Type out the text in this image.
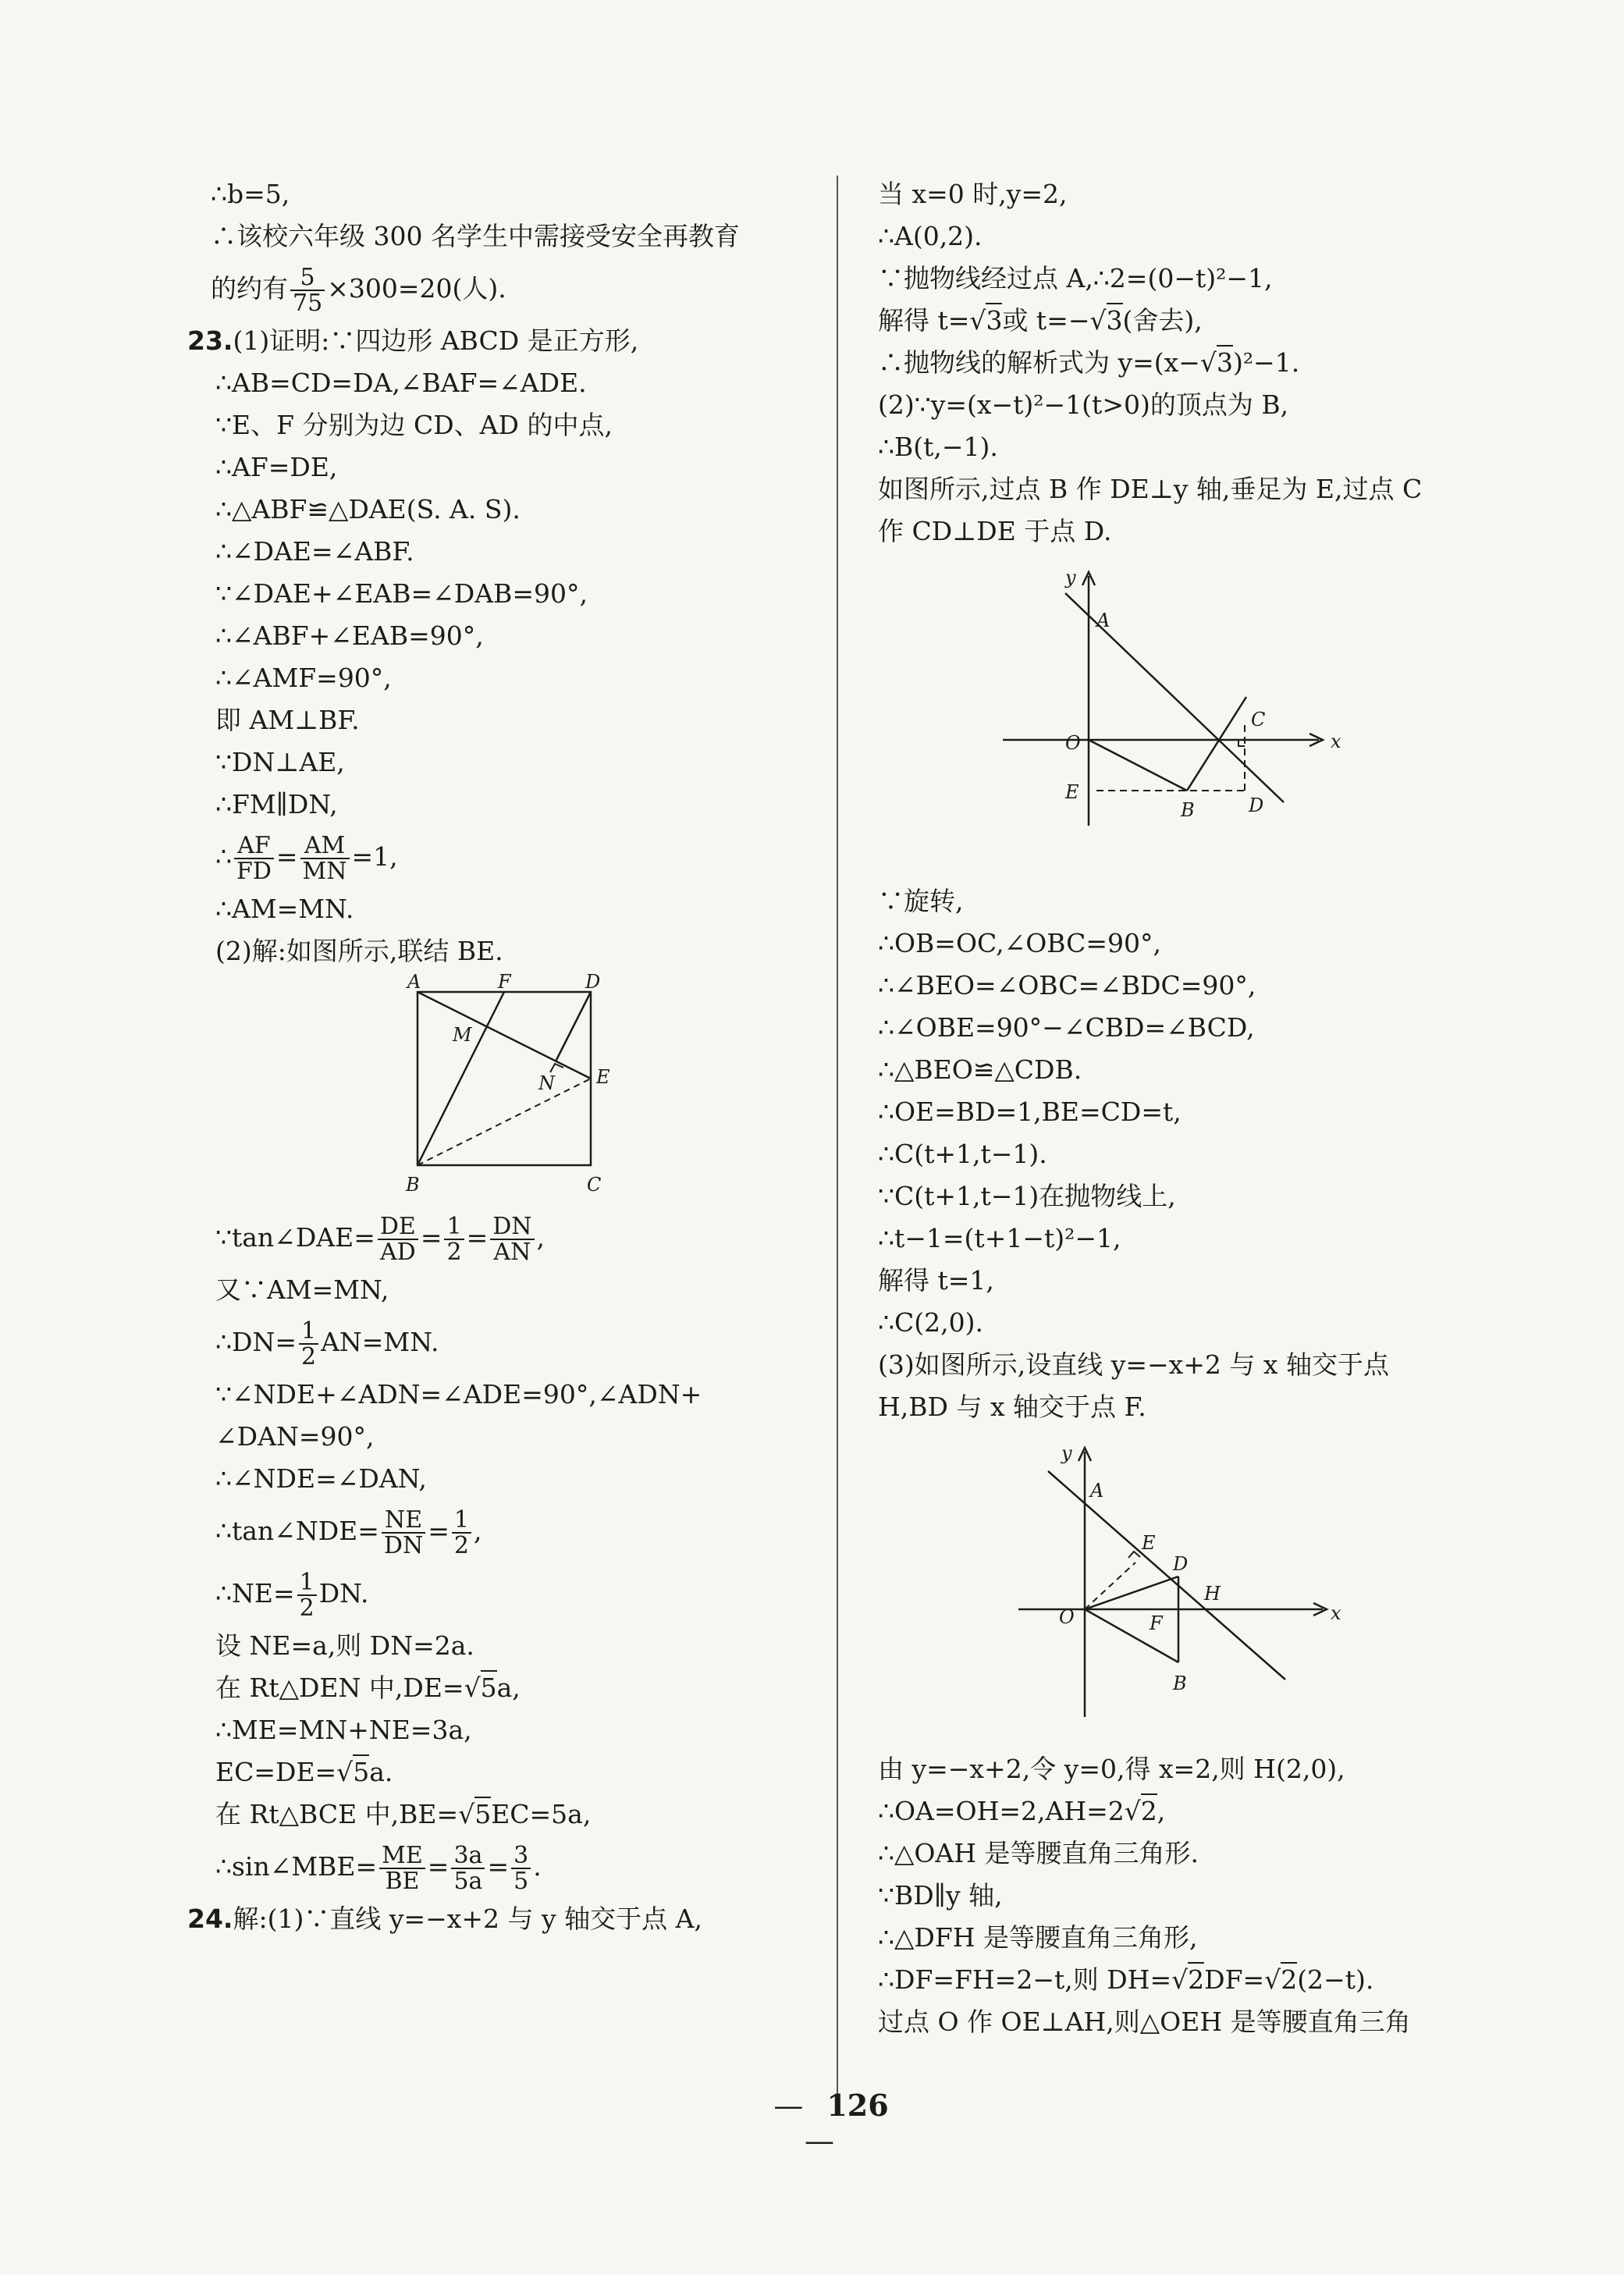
∴b=5,
∴该校六年级 300 名学生中需接受安全再教育
的约有 $\frac{5}{75} \times 300=20$(人).
23.(1)证明:∵四边形 ABCD 是正方形,
∴AB=CD=DA,∠BAF=∠ADE.
∵E、F 分别为边 CD、AD 的中点,
∴AF=DE,
∴△ABF≌△DAE(S. A. S).
∴∠DAE=∠ABF.
∵∠DAE+∠EAB=∠DAB=90°,
∴∠ABF+∠EAB=90°,
∴∠AMF=90°,
即 AM⊥BF.
∵DN⊥AE,
∴FM∥DN,
∴ $\frac{AF}{FD} = \frac{AM}{MN} =1$,
∴AM=MN.
(2)解:如图所示,联结 BE.
A	F	D
M
N E
B	C
∵tan∠DAE= $\frac{DE}{AD} = \frac{1}{2} = \frac{DN}{AN}$ ,
又∵AM=MN,
∴DN= $\frac{1}{2} AN=MN$.
∵∠NDE+∠ADN=∠ADE=90°,∠ADN+
∠DAN=90°,
∴∠NDE=∠DAN,
∴tan∠NDE= $\frac{NE}{DN} = \frac{1}{2}$ ,
∴NE= $\frac{1}{2}$ DN.
设 NE=a,则 DN=2a.
在 Rt△DEN 中,DE=√5a,
∴ME=MN+NE=3a,
EC=DE=√5a.
在 Rt△BCE 中,BE=√5EC=5a,
∴sin∠MBE= $\frac{ME}{BE} = \frac{3a}{5a} = \frac{3}{5}$ .
24.解:(1)∵直线 y=−x+2 与 y 轴交于点 A,
当 x=0 时,y=2,
∴A(0,2).
∵抛物线经过点 A,∴2=(0−t)²−1,
解得 t=√3或 t=−√3(舍去),
∴抛物线的解析式为 y=(x−√3)²−1.
(2)∵y=(x−t)²−1(t>0)的顶点为 B,
∴B(t,−1).
如图所示,过点 B 作 DE⊥y 轴,垂足为 E,过点 C
作 CD⊥DE 于点 D.
y
x
A
C
O
E
B	D
∵旋转,
∴OB=OC,∠OBC=90°,
∴∠BEO=∠OBC=∠BDC=90°,
∴∠OBE=90°−∠CBD=∠BCD,
∴△BEO≌△CDB.
∴OE=BD=1,BE=CD=t,
∴C(t+1,t−1).
∵C(t+1,t−1)在抛物线上,
∴t−1=(t+1−t)²−1,
解得 t=1,
∴C(2,0).
(3)如图所示,设直线 y=−x+2 与 x 轴交于点
H,BD 与 x 轴交于点 F.
y
x
A
E
D
H
O	F
B
由 y=−x+2,令 y=0,得 x=2,则 H(2,0),
∴OA=OH=2,AH=2√2,
∴△OAH 是等腰直角三角形.
∵BD∥y 轴,
∴△DFH 是等腰直角三角形,
∴DF=FH=2−t,则 DH=√2DF=√2(2−t).
过点 O 作 OE⊥AH,则△OEH 是等腰直角三角
— 126—
